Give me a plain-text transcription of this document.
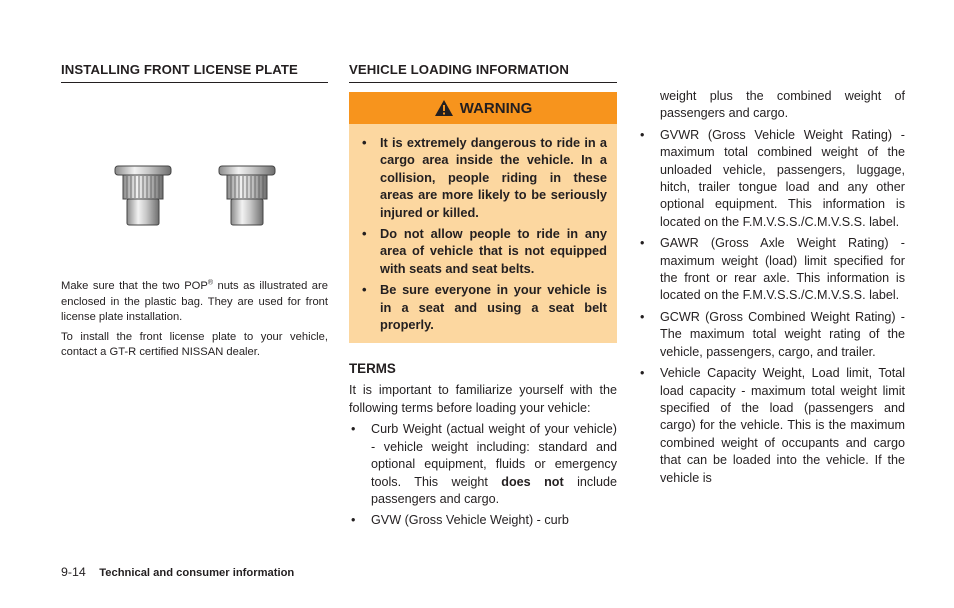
INSTALLING FRONT LICENSE PLATE

Make sure that the two POP® nuts as illustrated are enclosed in the plastic bag. They are used for front license plate installation.

To install the front license plate to your vehicle, contact a GT-R certified NISSAN dealer.

VEHICLE LOADING INFORMATION
WARNING
• It is extremely dangerous to ride in a cargo area inside the vehicle. In a collision, people riding in these areas are more likely to be seriously injured or killed.
• Do not allow people to ride in any area of vehicle that is not equipped with seats and seat belts.
• Be sure everyone in your vehicle is in a seat and using a seat belt properly.
TERMS

It is important to familiarize yourself with the following terms before loading your vehicle:

• Curb Weight (actual weight of your vehicle) - vehicle weight including: standard and optional equipment, fluids or emergency tools. This weight does not include passengers and cargo.
• GVW (Gross Vehicle Weight) - curb
weight plus the combined weight of passengers and cargo.
• GVWR (Gross Vehicle Weight Rating) - maximum total combined weight of the unloaded vehicle, passengers, luggage, hitch, trailer tongue load and any other optional equipment. This information is located on the F.M.V.S.S./C.M.V.S.S. label.
• GAWR (Gross Axle Weight Rating) - maximum weight (load) limit specified for the front or rear axle. This information is located on the F.M.V.S.S./C.M.V.S.S. label.
• GCWR (Gross Combined Weight Rating) - The maximum total weight rating of the vehicle, passengers, cargo, and trailer.
• Vehicle Capacity Weight, Load limit, Total load capacity - maximum total weight limit specified of the load (passengers and cargo) for the vehicle. This is the maximum combined weight of occupants and cargo that can be loaded into the vehicle. If the vehicle is
9-14 Technical and consumer information
